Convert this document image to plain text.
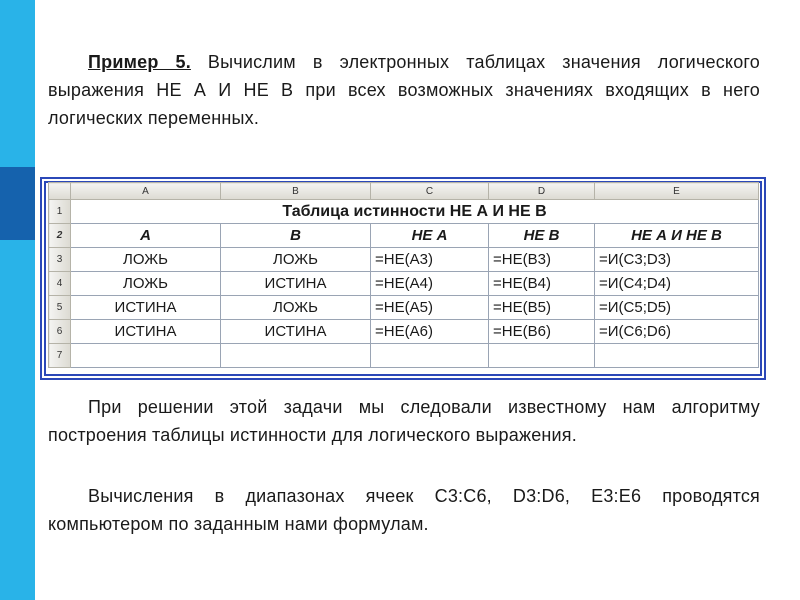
Пример 5. Вычислим в электронных таблицах значения логического выражения НЕ А И НЕ В при всех возможных значениях входящих в него логических переменных.

	A	B	C	D	E
1	Таблица истинности НЕ А И НЕ В				
2	A	B	НЕ А	НЕ В	НЕ А И НЕ В
3	ЛОЖЬ	ЛОЖЬ	=НЕ(А3)	=НЕ(В3)	=И(С3;D3)
4	ЛОЖЬ	ИСТИНА	=НЕ(А4)	=НЕ(В4)	=И(С4;D4)
5	ИСТИНА	ЛОЖЬ	=НЕ(А5)	=НЕ(В5)	=И(С5;D5)
6	ИСТИНА	ИСТИНА	=НЕ(А6)	=НЕ(В6)	=И(С6;D6)
7					

При решении этой задачи мы следовали известному нам алгоритму построения таблицы истинности для логического выражения.

Вычисления в диапазонах ячеек С3:С6, D3:D6, E3:E6 проводятся компьютером по заданным нами формулам.
